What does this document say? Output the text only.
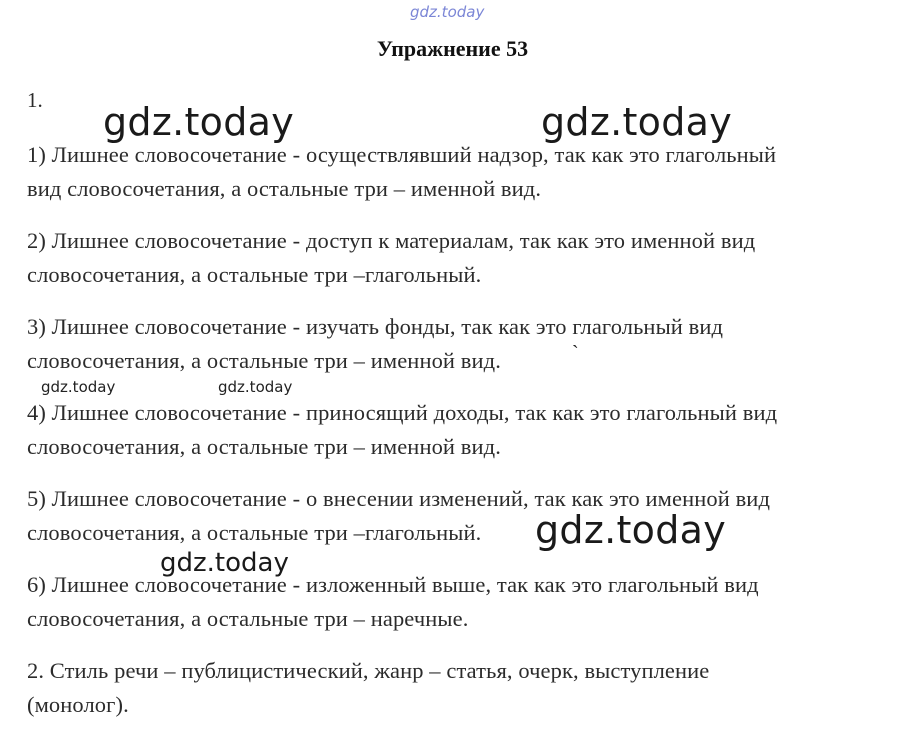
gdz.today
Упражнение 53
1. gdz.today	gdz.today
1) Лишнее словосочетание - осуществлявший надзор, так как это глагольный
вид словосочетания, а остальные три – именной вид.
2) Лишнее словосочетание - доступ к материалам, так как это именной вид
словосочетания, а остальные три –глагольный.
3) Лишнее словосочетание - изучать фонды, так как это глагольный вид
словосочетания, а остальные три – именной вид.	ˋ
gdz.today	gdz.today
4) Лишнее словосочетание - приносящий доходы, так как это глагольный вид
словосочетания, а остальные три – именной вид.
5) Лишнее словосочетание - о внесении изменений, так как это именной вид
словосочетания, а остальные три –глагольный. gdz.today
gdz.today
6) Лишнее словосочетание - изложенный выше, так как это глагольный вид
словосочетания, а остальные три – наречные.
2. Стиль речи – публицистический, жанр – статья, очерк, выступление
(монолог).
